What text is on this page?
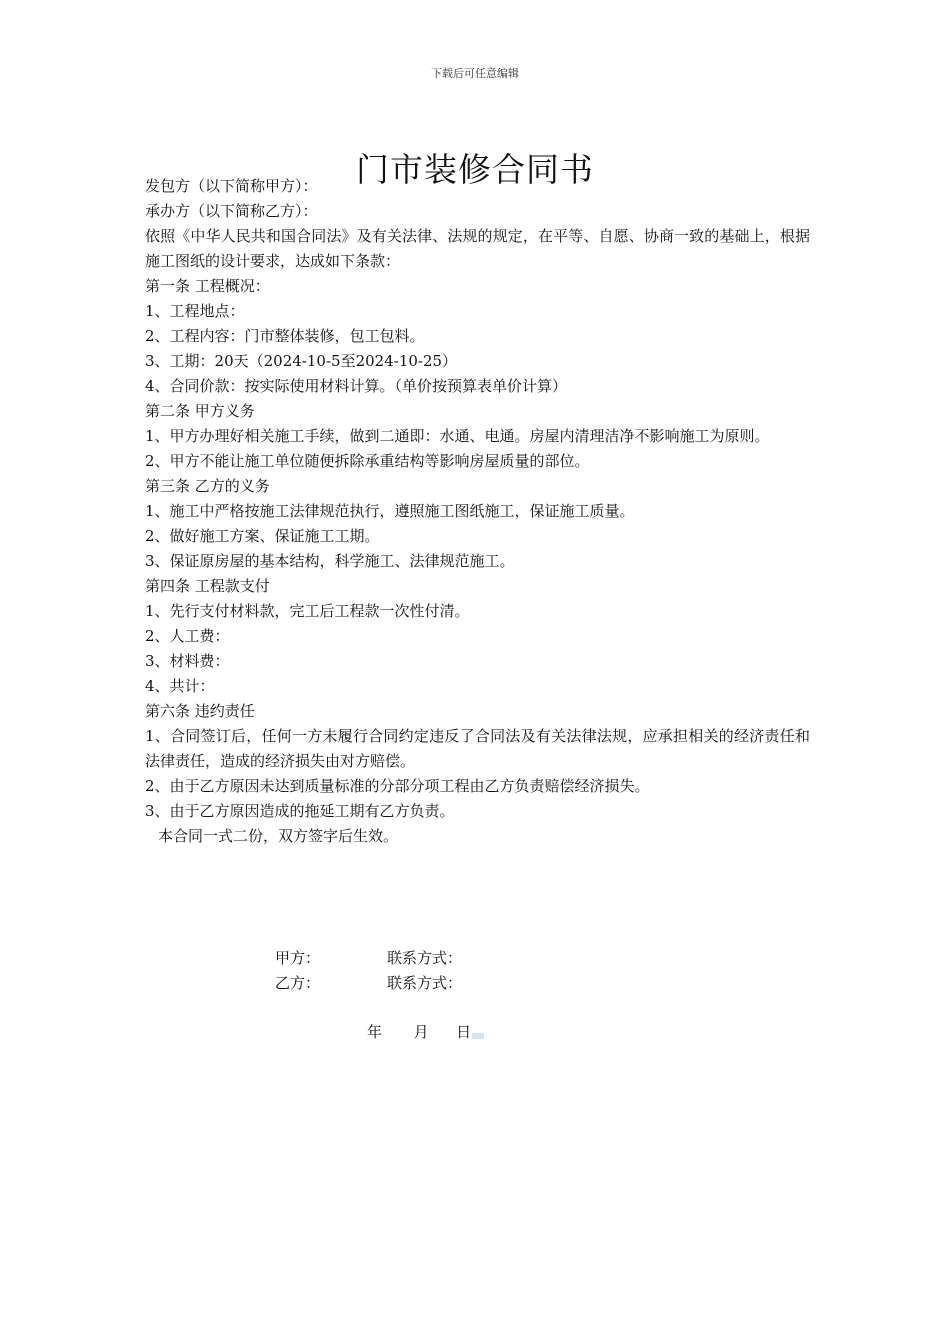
下载后可任意编辑
门市装修合同书

发包方（以下简称甲方）：

承办方（以下简称乙方）：

依照《中华人民共和国合同法》及有关法律、法规的规定，在平等、自愿、协商一致的基础上，根据施工图纸的设计要求，达成如下条款：

第一条 工程概况：

1、工程地点：

2、工程内容：门市整体装修，包工包料。

3、工期：20天（2024-10-5至2024-10-25）

4、合同价款：按实际使用材料计算。（单价按预算表单价计算）

第二条 甲方义务

1、甲方办理好相关施工手续，做到二通即：水通、电通。房屋内清理洁净不影响施工为原则。

2、甲方不能让施工单位随便拆除承重结构等影响房屋质量的部位。

第三条 乙方的义务

1、施工中严格按施工法律规范执行，遵照施工图纸施工，保证施工质量。

2、做好施工方案、保证施工工期。

3、保证原房屋的基本结构，科学施工、法律规范施工。

第四条 工程款支付

1、先行支付材料款，完工后工程款一次性付清。

2、人工费：

3、材料费：

4、共计：

第六条 违约责任

1、合同签订后，任何一方未履行合同约定违反了合同法及有关法律法规，应承担相关的经济责任和法律责任，造成的经济损失由对方赔偿。

2、由于乙方原因未达到质量标准的分部分项工程由乙方负责赔偿经济损失。

3、由于乙方原因造成的拖延工期有乙方负责。

本合同一式二份，双方签字后生效。

甲方：	联系方式：
乙方：	联系方式：
年 月 日
